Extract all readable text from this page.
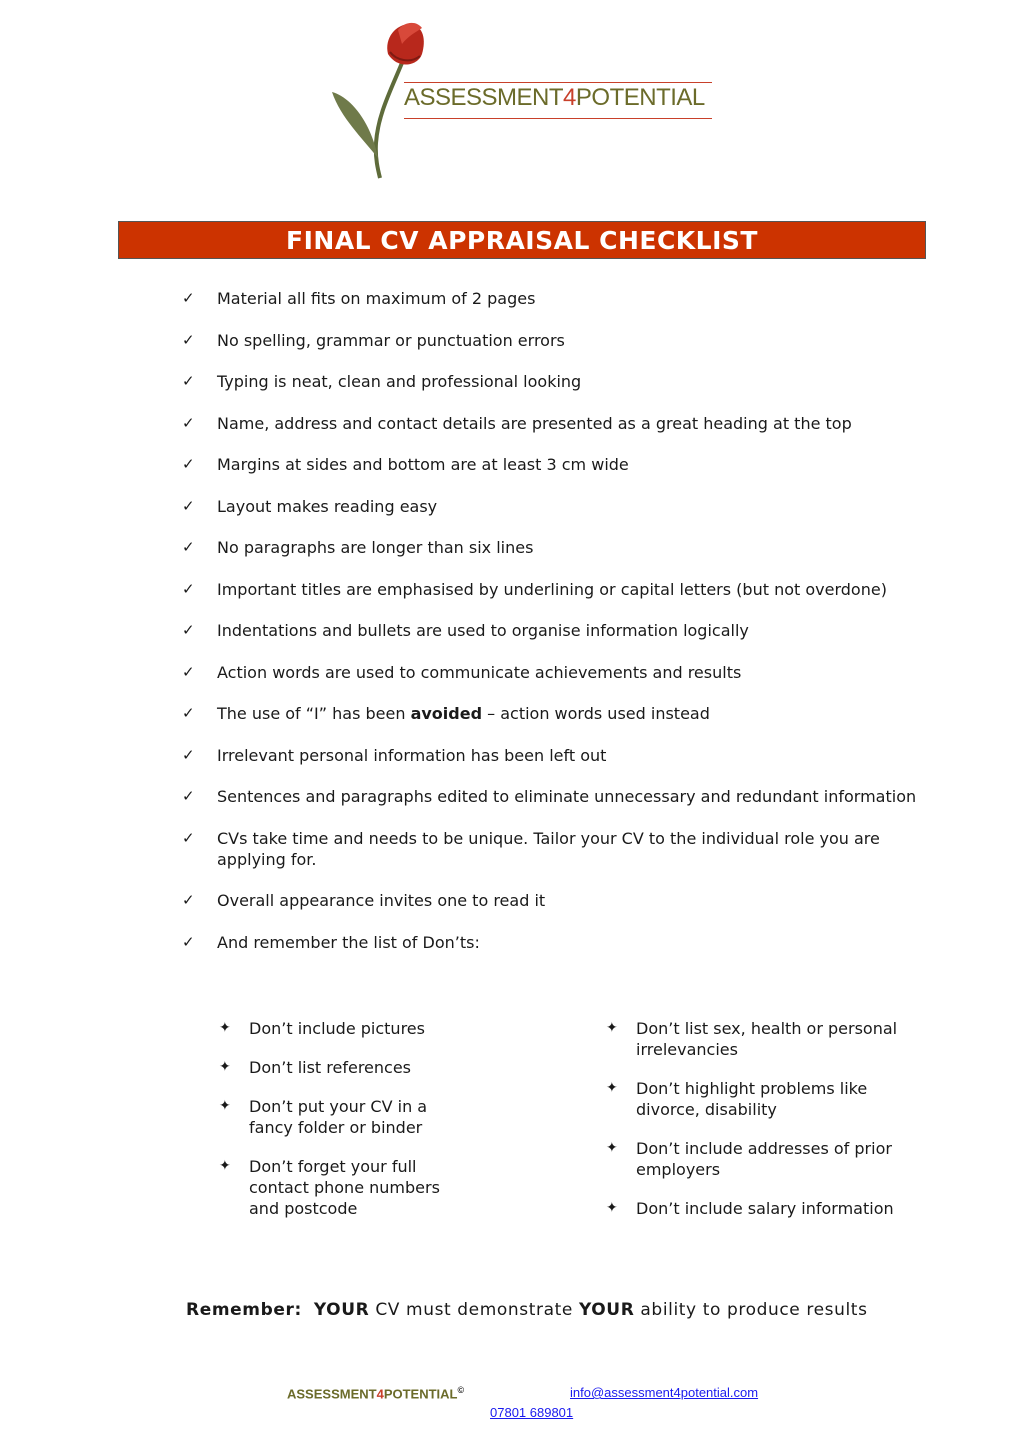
ASSESSMENT4POTENTIAL
FINAL CV APPRAISAL CHECKLIST
✓ Material all fits on maximum of 2 pages
✓ No spelling, grammar or punctuation errors
✓ Typing is neat, clean and professional looking
✓ Name, address and contact details are presented as a great heading at the top
✓ Margins at sides and bottom are at least 3 cm wide
✓ Layout makes reading easy
✓ No paragraphs are longer than six lines
✓ Important titles are emphasised by underlining or capital letters (but not overdone)
✓ Indentations and bullets are used to organise information logically
✓ Action words are used to communicate achievements and results
✓ The use of “I” has been avoided – action words used instead
✓ Irrelevant personal information has been left out
✓ Sentences and paragraphs edited to eliminate unnecessary and redundant information
✓ CVs take time and needs to be unique. Tailor your CV to the individual role you are applying for.
✓ Overall appearance invites one to read it
✓ And remember the list of Don’ts:
✦ Don’t include pictures
✦ Don’t list references
✦ Don’t put your CV in a fancy folder or binder
✦ Don’t forget your full contact phone numbers and postcode
✦ Don’t list sex, health or personal irrelevancies
✦ Don’t highlight problems like divorce, disability
✦ Don’t include addresses of prior employers
✦ Don’t include salary information
Remember: YOUR CV must demonstrate YOUR ability to produce results
ASSESSMENT4POTENTIAL©	info@assessment4potential.com
07801 689801
